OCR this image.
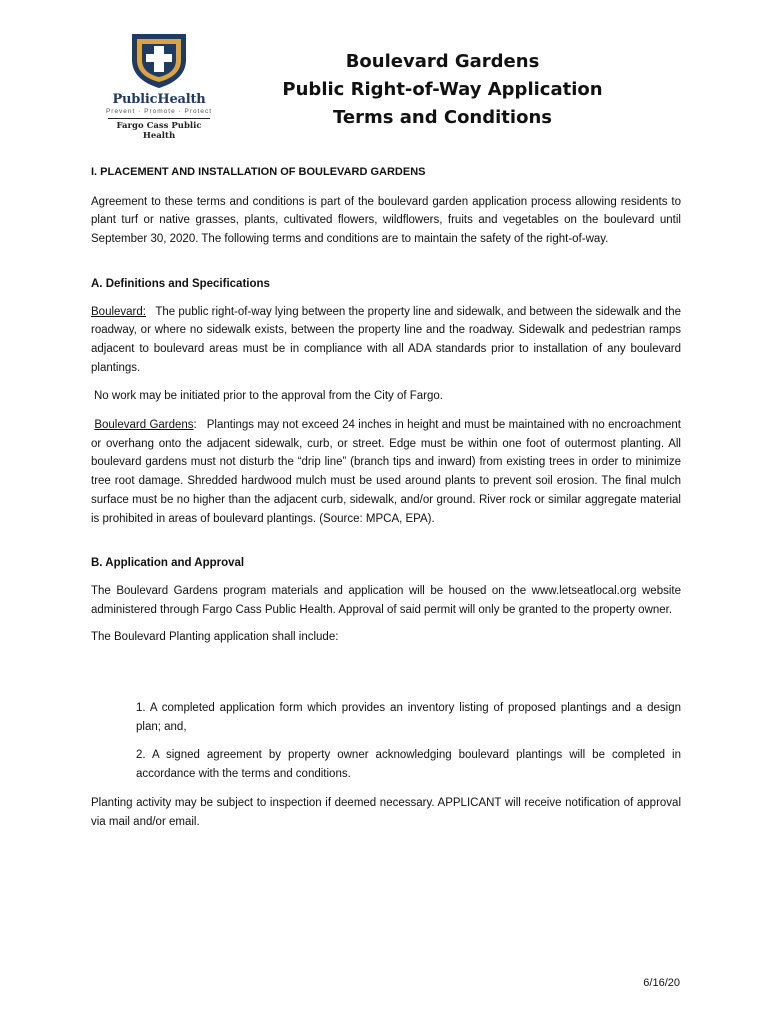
PublicHealth
Prevent · Promote · Protect
Fargo Cass Public Health
Boulevard Gardens
Public Right-of-Way Application
Terms and Conditions

I. PLACEMENT AND INSTALLATION OF BOULEVARD GARDENS

Agreement to these terms and conditions is part of the boulevard garden application process allowing residents to plant turf or native grasses, plants, cultivated flowers, wildflowers, fruits and vegetables on the boulevard until September 30, 2020. The following terms and conditions are to maintain the safety of the right-of-way.

A. Definitions and Specifications

Boulevard: The public right-of-way lying between the property line and sidewalk, and between the sidewalk and the roadway, or where no sidewalk exists, between the property line and the roadway. Sidewalk and pedestrian ramps adjacent to boulevard areas must be in compliance with all ADA standards prior to installation of any boulevard plantings.

No work may be initiated prior to the approval from the City of Fargo.

Boulevard Gardens:   Plantings may not exceed 24 inches in height and must be maintained with no encroachment or overhang onto the adjacent sidewalk, curb, or street. Edge must be within one foot of outermost planting. All boulevard gardens must not disturb the “drip line” (branch tips and inward) from existing trees in order to minimize tree root damage. Shredded hardwood mulch must be used around plants to prevent soil erosion. The final mulch surface must be no higher than the adjacent curb, sidewalk, and/or ground. River rock or similar aggregate material is prohibited in areas of boulevard plantings. (Source: MPCA, EPA).

B. Application and Approval

The Boulevard Gardens program materials and application will be housed on the www.letseatlocal.org website administered through Fargo Cass Public Health. Approval of said permit will only be granted to the property owner.

The Boulevard Planting application shall include:

1. A completed application form which provides an inventory listing of proposed plantings and a design plan; and,

2. A signed agreement by property owner acknowledging boulevard plantings will be completed in accordance with the terms and conditions.

Planting activity may be subject to inspection if deemed necessary. APPLICANT will receive notification of approval via mail and/or email.

6/16/20
